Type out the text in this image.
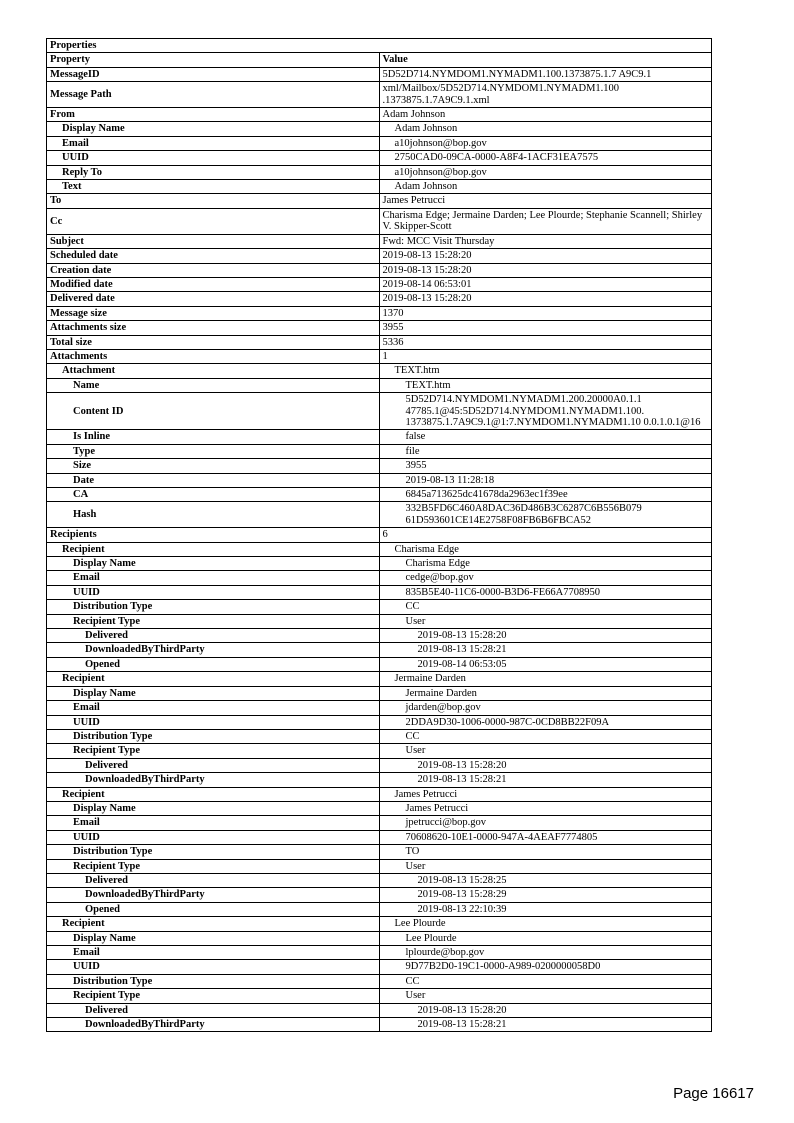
Properties	
Property	Value
MessageID	5D52D714.NYMDOM1.NYMADM1.100.1373875.1.7 A9C9.1
Message Path	xml/Mailbox/5D52D714.NYMDOM1.NYMADM1.100 .1373875.1.7A9C9.1.xml
From	Adam Johnson
Display Name	Adam Johnson
Email	a10johnson@bop.gov
UUID	2750CAD0-09CA-0000-A8F4-1ACF31EA7575
Reply To	a10johnson@bop.gov
Text	Adam Johnson
To	James Petrucci
Cc	Charisma Edge; Jermaine Darden; Lee Plourde; Stephanie Scannell; Shirley V. Skipper-Scott
Subject	Fwd: MCC Visit Thursday
Scheduled date	2019-08-13 15:28:20
Creation date	2019-08-13 15:28:20
Modified date	2019-08-14 06:53:01
Delivered date	2019-08-13 15:28:20
Message size	1370
Attachments size	3955
Total size	5336
Attachments	1
Attachment	TEXT.htm
Name	TEXT.htm
Content ID	5D52D714.NYMDOM1.NYMADM1.200.20000A0.1.1
47785.1@45:5D52D714.NYMDOM1.NYMADM1.100.
1373875.1.7A9C9.1@1:7.NYMDOM1.NYMADM1.10 0.0.1.0.1@16

Is Inline	false
Type	file
Size	3955
Date	2019-08-13 11:28:18
CA	6845a713625dc41678da2963ec1f39ee
Hash	332B5FD6C460A8DAC36D486B3C6287C6B556B079 61D593601CE14E2758F08FB6B6FBCA52
Recipients	6
Recipient	Charisma Edge
Display Name	Charisma Edge
Email	cedge@bop.gov
UUID	835B5E40-11C6-0000-B3D6-FE66A7708950
Distribution Type	CC
Recipient Type	User
Delivered	2019-08-13 15:28:20
DownloadedByThirdParty	2019-08-13 15:28:21
Opened	2019-08-14 06:53:05
Recipient	Jermaine Darden
Display Name	Jermaine Darden
Email	jdarden@bop.gov
UUID	2DDA9D30-1006-0000-987C-0CD8BB22F09A
Distribution Type	CC
Recipient Type	User
Delivered	2019-08-13 15:28:20
DownloadedByThirdParty	2019-08-13 15:28:21
Recipient	James Petrucci
Display Name	James Petrucci
Email	jpetrucci@bop.gov
UUID	70608620-10E1-0000-947A-4AEAF7774805
Distribution Type	TO
Recipient Type	User
Delivered	2019-08-13 15:28:25
DownloadedByThirdParty	2019-08-13 15:28:29
Opened	2019-08-13 22:10:39
Recipient	Lee Plourde
Display Name	Lee Plourde
Email	lplourde@bop.gov
UUID	9D77B2D0-19C1-0000-A989-0200000058D0
Distribution Type	CC
Recipient Type	User
Delivered	2019-08-13 15:28:20
DownloadedByThirdParty	2019-08-13 15:28:21
Page 16617
